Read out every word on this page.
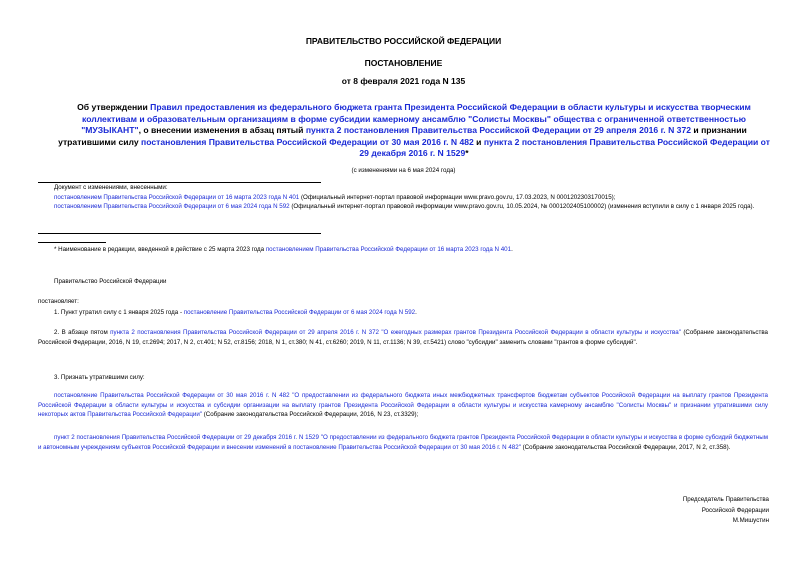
ПРАВИТЕЛЬСТВО РОССИЙСКОЙ ФЕДЕРАЦИИ
ПОСТАНОВЛЕНИЕ
от 8 февраля 2021 года N 135
Об утверждении Правил предоставления из федерального бюджета гранта Президента Российской Федерации в области культуры и искусства творческим коллективам и образовательным организациям в форме субсидии камерному ансамблю "Солисты Москвы" общества с ограниченной ответственностью "МУЗЫКАНТ", о внесении изменения в абзац пятый пункта 2 постановления Правительства Российской Федерации от 29 апреля 2016 г. N 372 и признании утратившими силу постановления Правительства Российской Федерации от 30 мая 2016 г. N 482 и пункта 2 постановления Правительства Российской Федерации от 29 декабря 2016 г. N 1529*
(с изменениями на 6 мая 2024 года)
Документ с изменениями, внесенными:
постановлением Правительства Российской Федерации от 16 марта 2023 года N 401 (Официальный интернет-портал правовой информации www.pravo.gov.ru, 17.03.2023, N 0001202303170015);
постановлением Правительства Российской Федерации от 6 мая 2024 года N 592 (Официальный интернет-портал правовой информации www.pravo.gov.ru, 10.05.2024, № 0001202405100002) (изменения вступили в силу с 1 января 2025 года).
* Наименование в редакции, введенной в действие с 25 марта 2023 года постановлением Правительства Российской Федерации от 16 марта 2023 года N 401.
Правительство Российской Федерации
постановляет:
1. Пункт утратил силу с 1 января 2025 года - постановление Правительства Российской Федерации от 6 мая 2024 года N 592.
2. В абзаце пятом пункта 2 постановления Правительства Российской Федерации от 29 апреля 2016 г. N 372 "О ежегодных размерах грантов Президента Российской Федерации в области культуры и искусства" (Собрание законодательства Российской Федерации, 2016, N 19, ст.2694; 2017, N 2, ст.401; N 52, ст.8156; 2018, N 1, ст.380; N 41, ст.6260; 2019, N 11, ст.1136; N 39, ст.5421) слово "субсидии" заменить словами "грантов в форме субсидий".
3. Признать утратившими силу:
постановление Правительства Российской Федерации от 30 мая 2016 г. N 482 "О предоставлении из федерального бюджета иных межбюджетных трансфертов бюджетам субъектов Российской Федерации на выплату грантов Президента Российской Федерации в области культуры и искусства и субсидии организации на выплату грантов Президента Российской Федерации в области культуры и искусства камерному ансамблю "Солисты Москвы" и признании утратившими силу некоторых актов Правительства Российской Федерации" (Собрание законодательства Российской Федерации, 2016, N 23, ст.3329);
пункт 2 постановления Правительства Российской Федерации от 29 декабря 2016 г. N 1529 "О предоставлении из федерального бюджета грантов Президента Российской Федерации в области культуры и искусства в форме субсидий бюджетным и автономным учреждениям субъектов Российской Федерации и внесении изменений в постановление Правительства Российской Федерации от 30 мая 2016 г. N 482" (Собрание законодательства Российской Федерации, 2017, N 2, ст.358).
Председатель Правительства
Российской Федерации
М.Мишустин
